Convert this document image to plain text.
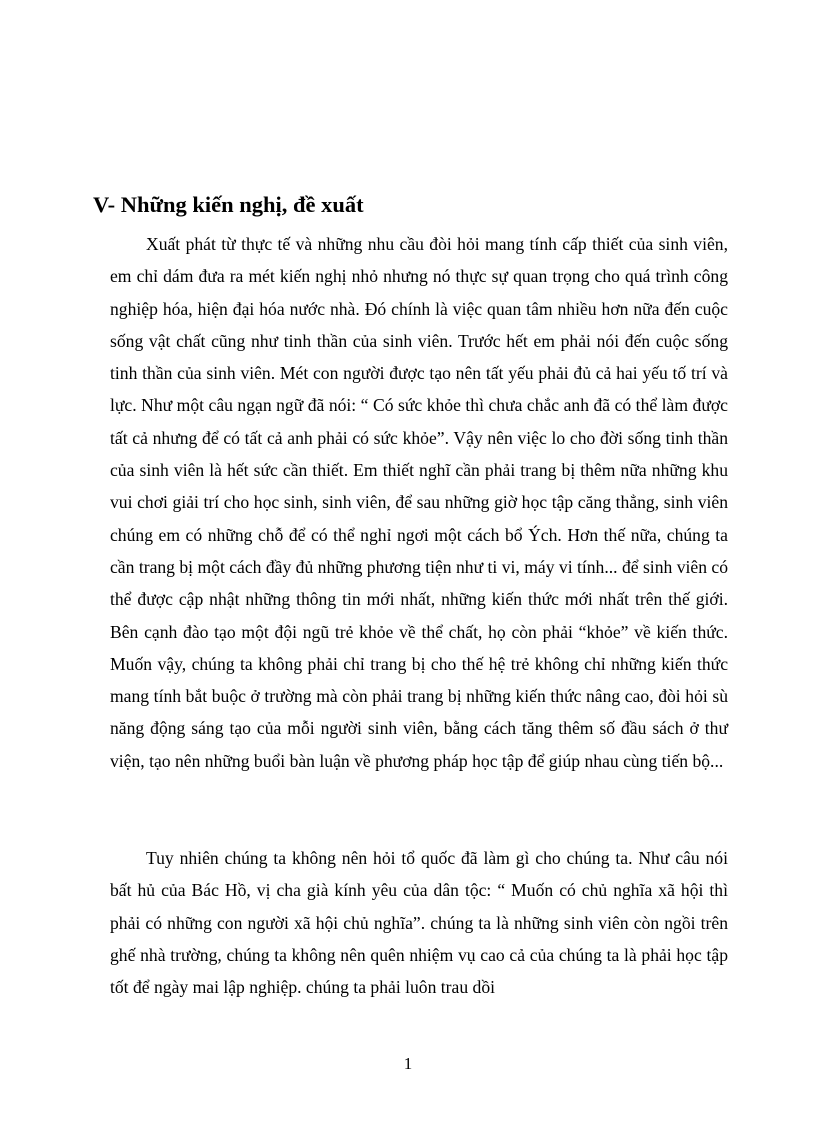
V- Những kiến nghị, đề xuất

Xuất phát từ thực tế và những nhu cầu đòi hỏi mang tính cấp thiết của sinh viên, em chỉ dám đưa ra mét kiến nghị nhỏ nhưng nó thực sự quan trọng cho quá trình công nghiệp hóa, hiện đại hóa nước nhà. Đó chính là việc quan tâm nhiều hơn nữa đến cuộc sống vật chất cũng như tinh thần của sinh viên. Trước hết em phải nói đến cuộc sống tinh thần của sinh viên. Mét con người được tạo nên tất yếu phải đủ cả hai yếu tố trí và lực. Như một câu ngạn ngữ đã nói: “ Có sức khỏe thì chưa chắc anh đã có thể làm được tất cả nhưng để có tất cả anh phải có sức khỏe”. Vậy nên việc lo cho đời sống tinh thần của sinh viên là hết sức cần thiết. Em thiết nghĩ cần phải trang bị thêm nữa những khu vui chơi giải trí cho học sinh, sinh viên, để sau những giờ học tập căng thẳng, sinh viên chúng em có những chỗ để có thể nghỉ ngơi một cách bổ Ých. Hơn thế nữa, chúng ta cần trang bị một cách đầy đủ những phương tiện như ti vi, máy vi tính... để sinh viên có thể được cập nhật những thông tin mới nhất, những kiến thức mới nhất trên thế giới. Bên cạnh đào tạo một đội ngũ trẻ khỏe về thể chất, họ còn phải “khỏe” về kiến thức. Muốn vậy, chúng ta không phải chỉ trang bị cho thế hệ trẻ không chỉ những kiến thức mang tính bắt buộc ở trường mà còn phải trang bị những kiến thức nâng cao, đòi hỏi sù năng động sáng tạo của mỗi người sinh viên, bằng cách tăng thêm số đầu sách ở thư viện, tạo nên những buổi bàn luận về phương pháp học tập để giúp nhau cùng tiến bộ...

Tuy nhiên chúng ta không nên hỏi tổ quốc đã làm gì cho chúng ta. Như câu nói bất hủ của Bác Hồ, vị cha già kính yêu của dân tộc: “ Muốn có chủ nghĩa xã hội thì phải có những con người xã hội chủ nghĩa”. chúng ta là những sinh viên còn ngồi trên ghế nhà trường, chúng ta không nên quên nhiệm vụ cao cả của chúng ta là phải học tập tốt để ngày mai lập nghiệp. chúng ta phải luôn trau dồi

1
